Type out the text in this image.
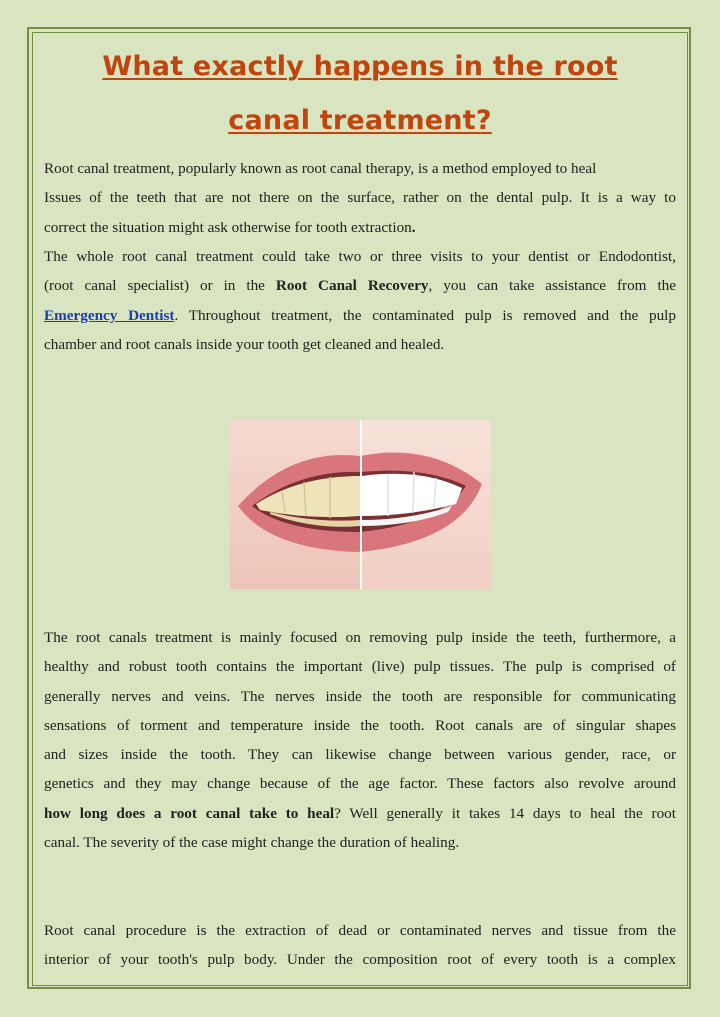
What exactly happens in the root
canal treatment?

Root canal treatment, popularly known as root canal therapy, is a method employed to heal
Issues of the teeth that are not there on the surface, rather on the dental pulp. It is a way to
correct the situation might ask otherwise for tooth extraction.

The whole root canal treatment could take two or three visits to your dentist or Endodontist,
(root canal specialist) or in the Root Canal Recovery, you can take assistance from the
Emergency Dentist. Throughout treatment, the contaminated pulp is removed and the pulp
chamber and root canals inside your tooth get cleaned and healed.

The root canals treatment is mainly focused on removing pulp inside the teeth, furthermore, a
healthy and robust tooth contains the important (live) pulp tissues. The pulp is comprised of
generally nerves and veins. The nerves inside the tooth are responsible for communicating
sensations of torment and temperature inside the tooth. Root canals are of singular shapes
and sizes inside the tooth. They can likewise change between various gender, race, or
genetics and they may change because of the age factor. These factors also revolve around
how long does a root canal take to heal? Well generally it takes 14 days to heal the root
canal. The severity of the case might change the duration of healing.

Root canal procedure is the extraction of dead or contaminated nerves and tissue from the
interior of your tooth's pulp body. Under the composition root of every tooth is a complex
